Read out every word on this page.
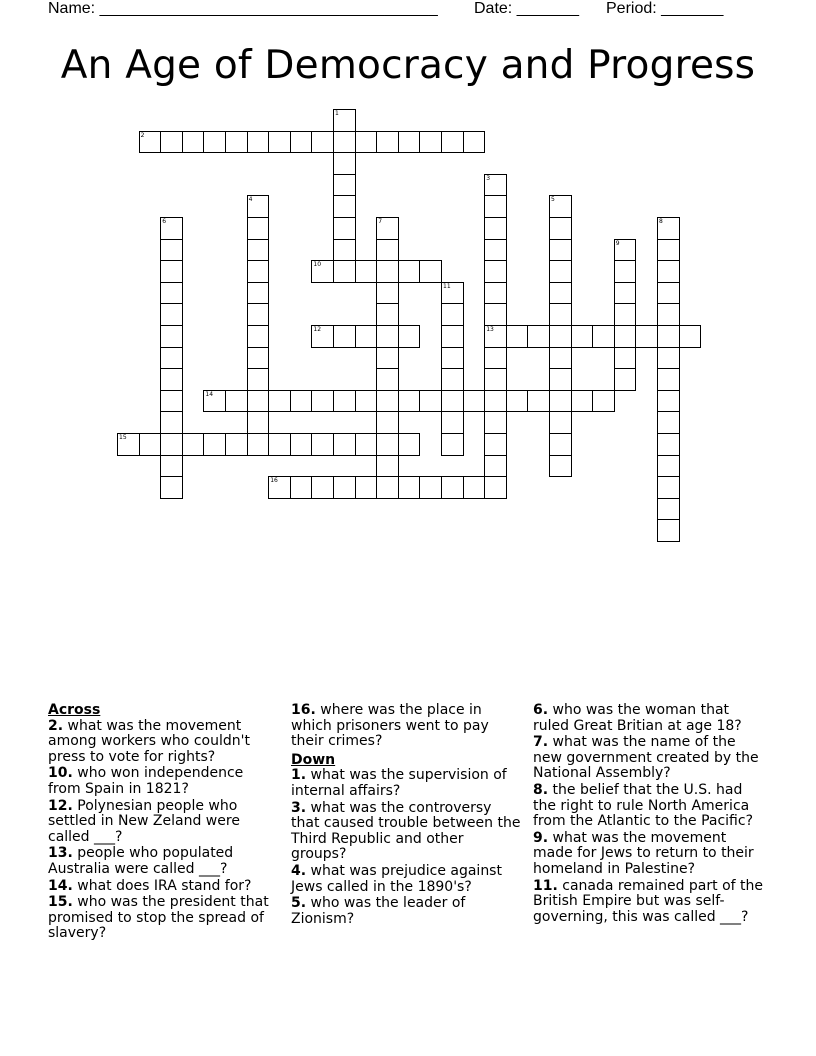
Name: ______________________________________ Date: _______ Period: _______
An Age of Democracy and Progress
2
10
12	13
14
15
16
1
3
4	5
6	7	8
9
11
Across
2. what was the movement among workers who couldn't press to vote for rights?
10. who won independence from Spain in 1821?
12. Polynesian people who settled in New Zeland were called ___?
13. people who populated Australia were called ___?
14. what does IRA stand for?
15. who was the president that promised to stop the spread of slavery?
16. where was the place in which prisoners went to pay their crimes?
Down
1. what was the supervision of internal affairs?
3. what was the controversy that caused trouble between the Third Republic and other groups?
4. what was prejudice against Jews called in the 1890's?
5. who was the leader of Zionism?
6. who was the woman that ruled Great Britian at age 18?
7. what was the name of the new government created by the National Assembly?
8. the belief that the U.S. had the right to rule North America from the Atlantic to the Pacific?
9. what was the movement made for Jews to return to their homeland in Palestine?
11. canada remained part of the British Empire but was self-governing, this was called ___?
